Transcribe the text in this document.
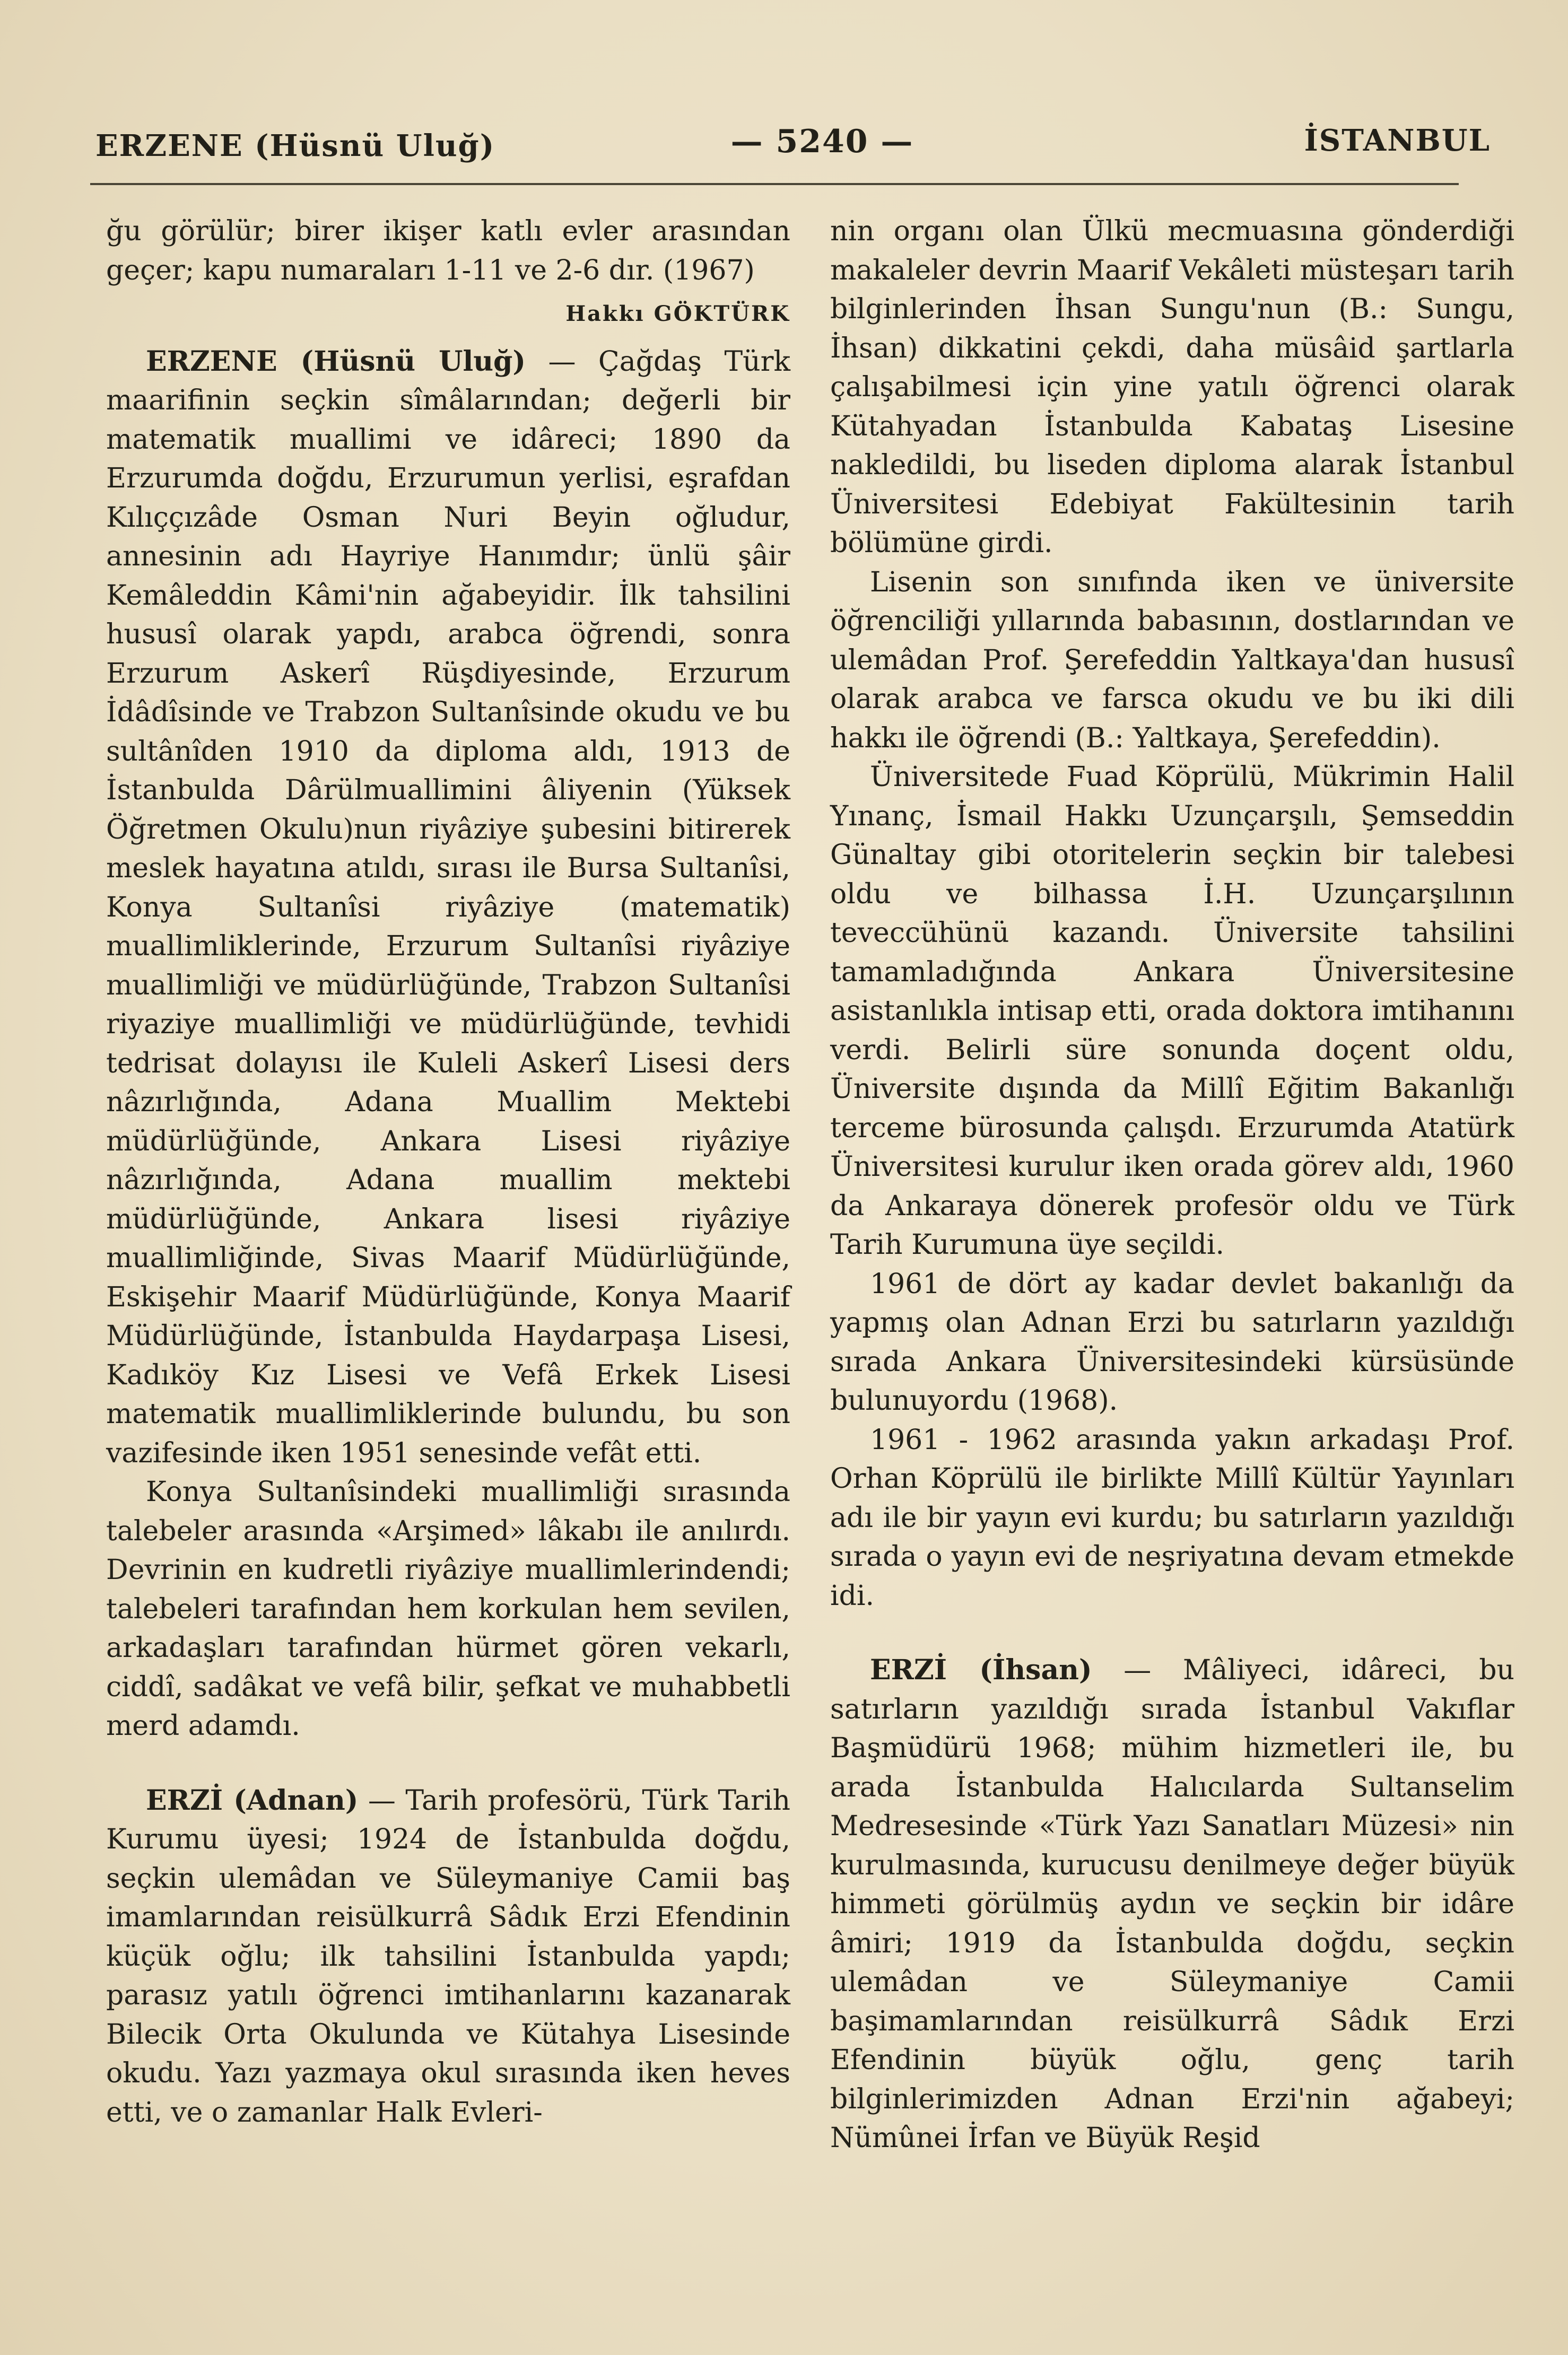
ERZENE (Hüsnü Uluğ)	— 5240 —	İSTANBUL

ğu görülür; birer ikişer katlı evler arasından geçer; kapu numaraları 1-11 ve 2-6 dır. (1967)

Hakkı GÖKTÜRK

ERZENE (Hüsnü Uluğ) — Çağdaş Türk maarifinin seçkin sîmâlarından; değerli bir matematik muallimi ve idâreci; 1890 da Erzurumda doğdu, Erzurumun yerlisi, eşrafdan Kılıççızâde Osman Nuri Beyin oğludur, annesinin adı Hayriye Hanımdır; ünlü şâir Kemâleddin Kâmi'nin ağabeyidir. İlk tahsilini hususî olarak yapdı, arabca öğrendi, sonra Erzurum Askerî Rüşdiyesinde, Erzurum İdâdîsinde ve Trabzon Sultanîsinde okudu ve bu sultânîden 1910 da diploma aldı, 1913 de İstanbulda Dârülmuallimini âliyenin (Yüksek Öğretmen Okulu)nun riyâziye şubesini bitirerek meslek hayatına atıldı, sırası ile Bursa Sultanîsi, Konya Sultanîsi riyâziye (matematik) muallimliklerinde, Erzurum Sultanîsi riyâziye muallimliği ve müdürlüğünde, Trabzon Sultanîsi riyaziye muallimliği ve müdürlüğünde, tevhidi tedrisat dolayısı ile Kuleli Askerî Lisesi ders nâzırlığında, Adana Muallim Mektebi müdürlüğünde, Ankara Lisesi riyâziye nâzırlığında, Adana muallim mektebi müdürlüğünde, Ankara lisesi riyâziye muallimliğinde, Sivas Maarif Müdürlüğünde, Eskişehir Maarif Müdürlüğünde, Konya Maarif Müdürlüğünde, İstanbulda Haydarpaşa Lisesi, Kadıköy Kız Lisesi ve Vefâ Erkek Lisesi matematik muallimliklerinde bulundu, bu son vazifesinde iken 1951 senesinde vefât etti.

Konya Sultanîsindeki muallimliği sırasında talebeler arasında «Arşimed» lâkabı ile anılırdı. Devrinin en kudretli riyâziye muallimlerindendi; talebeleri tarafından hem korkulan hem sevilen, arkadaşları tarafından hürmet gören vekarlı, ciddî, sadâkat ve vefâ bilir, şefkat ve muhabbetli merd adamdı.

ERZİ (Adnan) — Tarih profesörü, Türk Tarih Kurumu üyesi; 1924 de İstanbulda doğdu, seçkin ulemâdan ve Süleymaniye Camii baş imamlarından reisülkurrâ Sâdık Erzi Efendinin küçük oğlu; ilk tahsilini İstanbulda yapdı; parasız yatılı öğrenci imtihanlarını kazanarak Bilecik Orta Okulunda ve Kütahya Lisesinde okudu. Yazı yazmaya okul sırasında iken heves etti, ve o zamanlar Halk Evleri-

nin organı olan Ülkü mecmuasına gönderdiği makaleler devrin Maarif Vekâleti müsteşarı tarih bilginlerinden İhsan Sungu'nun (B.: Sungu, İhsan) dikkatini çekdi, daha müsâid şartlarla çalışabilmesi için yine yatılı öğrenci olarak Kütahyadan İstanbulda Kabataş Lisesine nakledildi, bu liseden diploma alarak İstanbul Üniversitesi Edebiyat Fakültesinin tarih bölümüne girdi.

Lisenin son sınıfında iken ve üniversite öğrenciliği yıllarında babasının, dostlarından ve ulemâdan Prof. Şerefeddin Yaltkaya'dan hususî olarak arabca ve farsca okudu ve bu iki dili hakkı ile öğrendi (B.: Yaltkaya, Şerefeddin).

Üniversitede Fuad Köprülü, Mükrimin Halil Yınanç, İsmail Hakkı Uzunçarşılı, Şemseddin Günaltay gibi otoritelerin seçkin bir talebesi oldu ve bilhassa İ.H. Uzunçarşılının teveccühünü kazandı. Üniversite tahsilini tamamladığında Ankara Üniversitesine asistanlıkla intisap etti, orada doktora imtihanını verdi. Belirli süre sonunda doçent oldu, Üniversite dışında da Millî Eğitim Bakanlığı terceme bürosunda çalışdı. Erzurumda Atatürk Üniversitesi kurulur iken orada görev aldı, 1960 da Ankaraya dönerek profesör oldu ve Türk Tarih Kurumuna üye seçildi.

1961 de dört ay kadar devlet bakanlığı da yapmış olan Adnan Erzi bu satırların yazıldığı sırada Ankara Üniversitesindeki kürsüsünde bulunuyordu (1968).

1961 - 1962 arasında yakın arkadaşı Prof. Orhan Köprülü ile birlikte Millî Kültür Yayınları adı ile bir yayın evi kurdu; bu satırların yazıldığı sırada o yayın evi de neşriyatına devam etmekde idi.

ERZİ (İhsan) — Mâliyeci, idâreci, bu satırların yazıldığı sırada İstanbul Vakıflar Başmüdürü 1968; mühim hizmetleri ile, bu arada İstanbulda Halıcılarda Sultanselim Medresesinde «Türk Yazı Sanatları Müzesi» nin kurulmasında, kurucusu denilmeye değer büyük himmeti görülmüş aydın ve seçkin bir idâre âmiri; 1919 da İstanbulda doğdu, seçkin ulemâdan ve Süleymaniye Camii başimamlarından reisülkurrâ Sâdık Erzi Efendinin büyük oğlu, genç tarih bilginlerimizden Adnan Erzi'nin ağabeyi; Nümûnei İrfan ve Büyük Reşid
